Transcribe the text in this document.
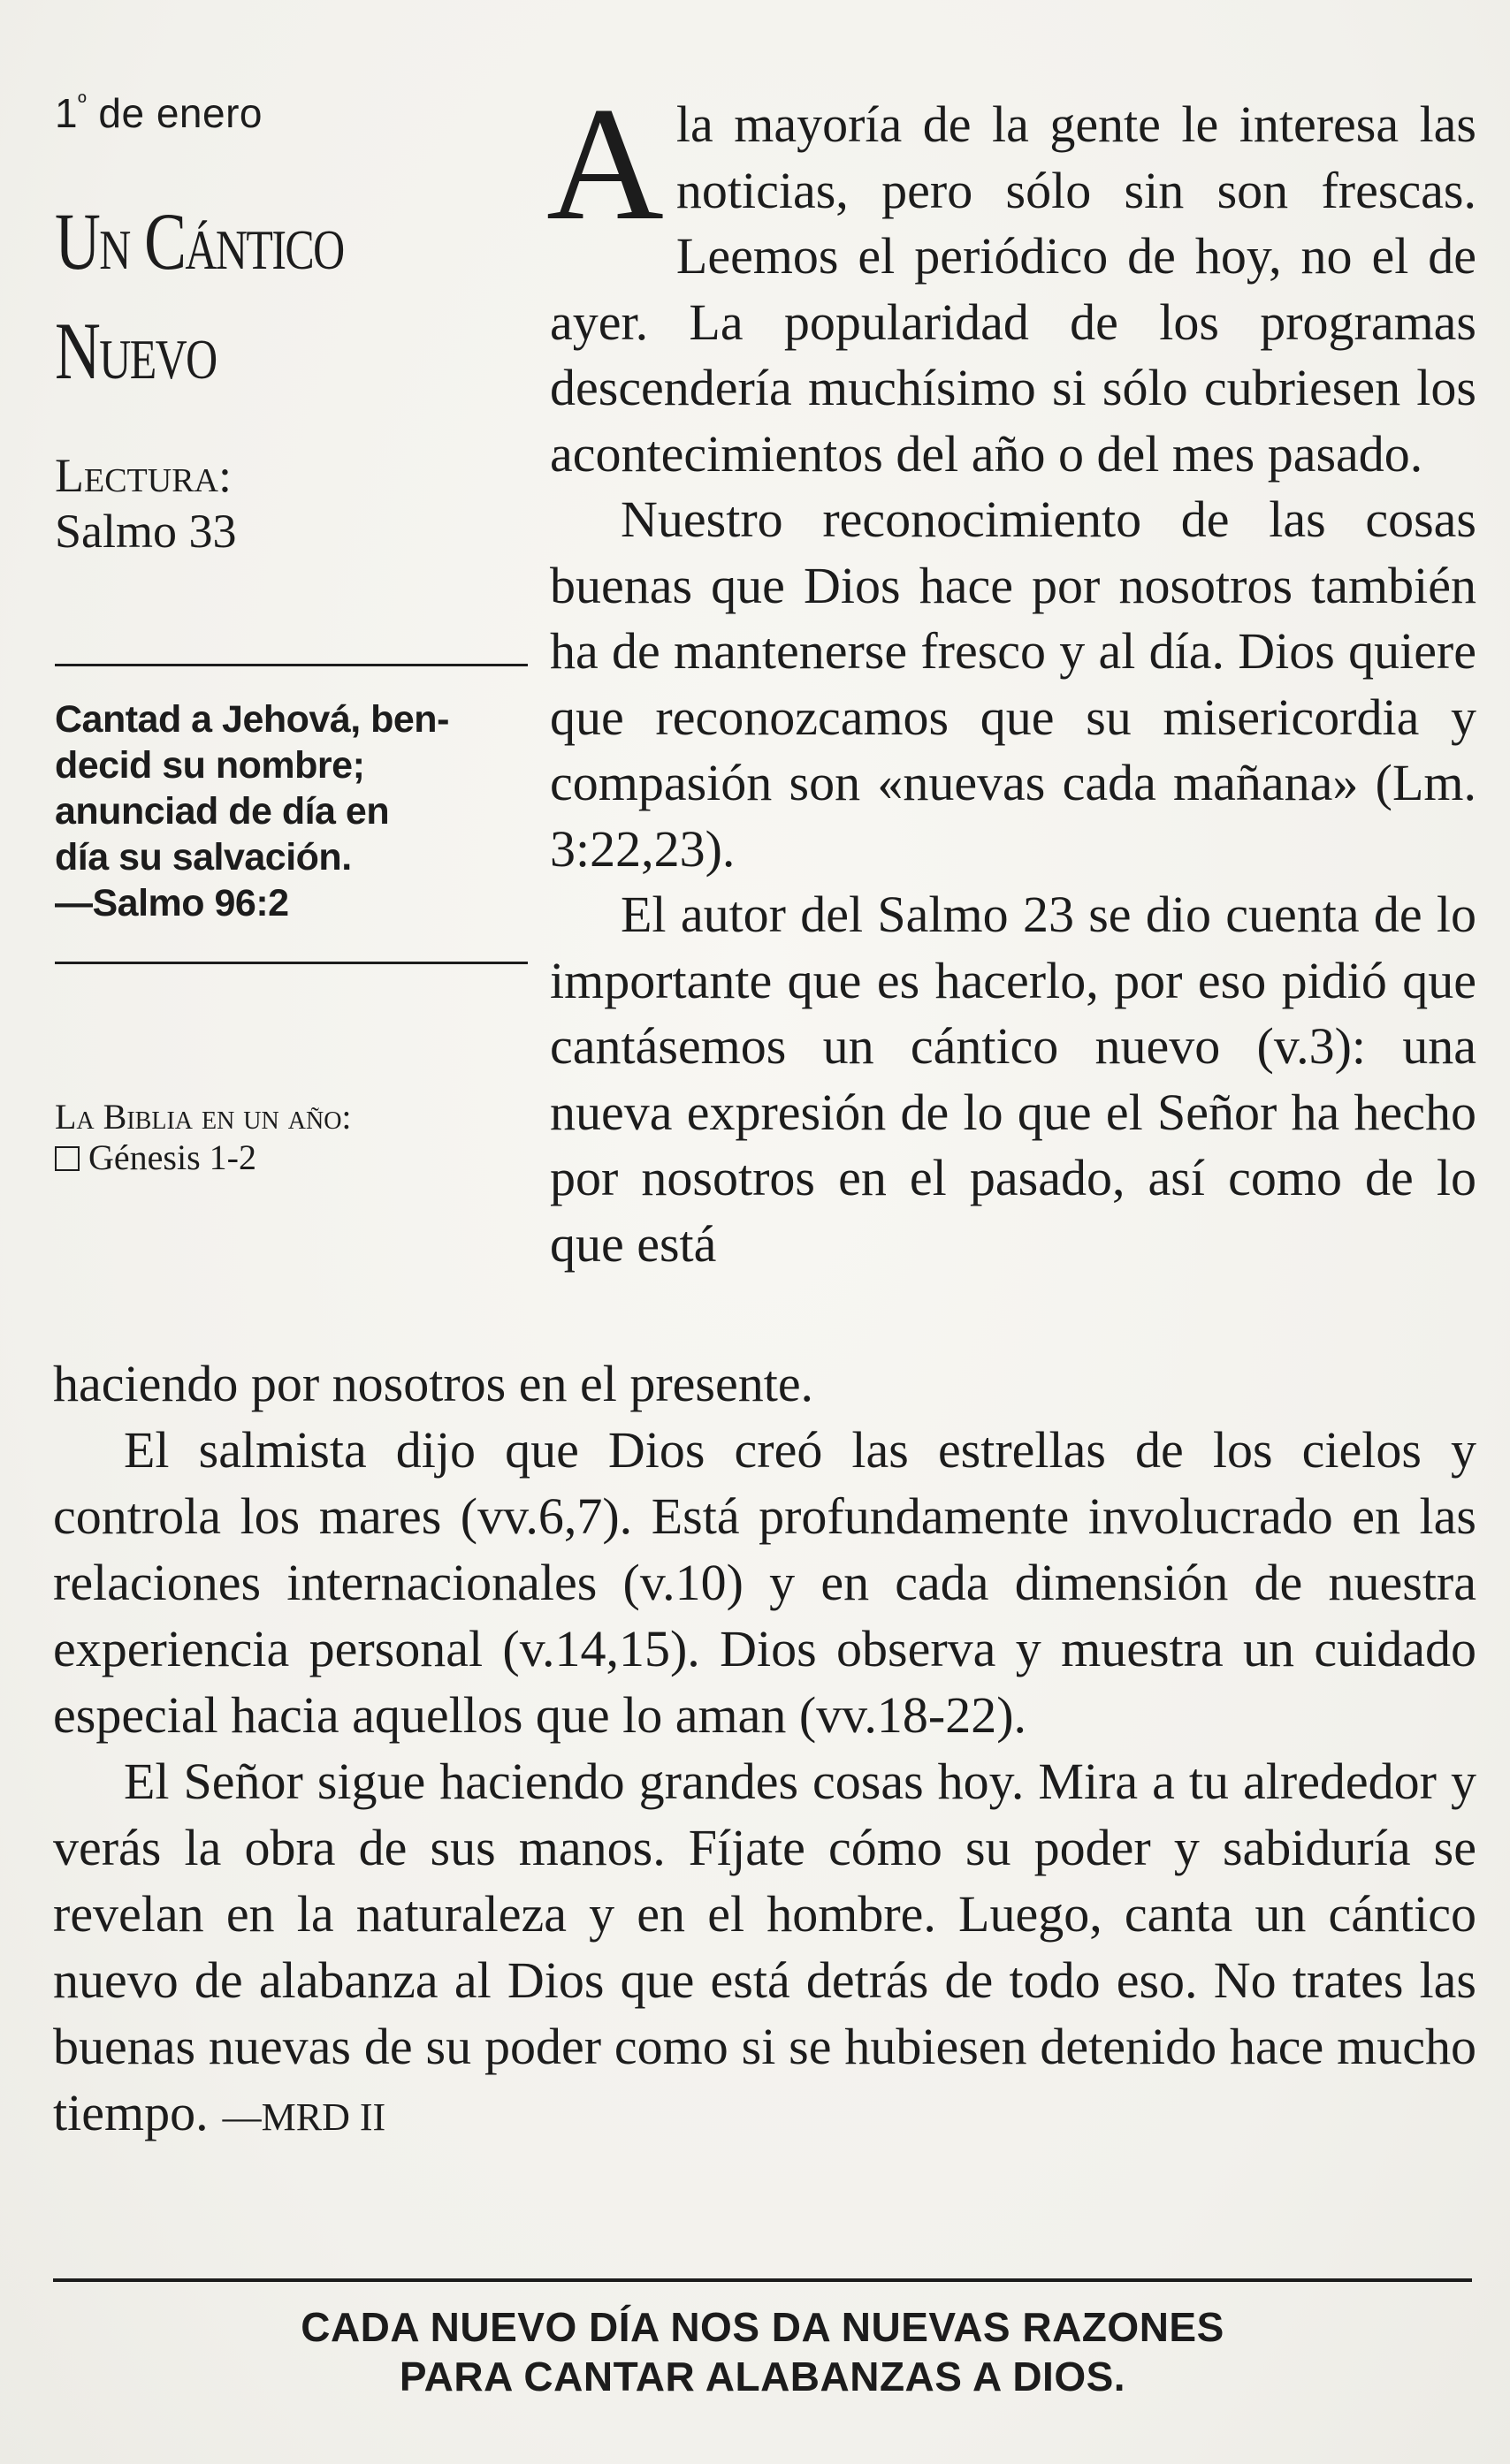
$1^º$ de enero
Un Cántico
Nuevo
Lectura:
Salmo 33
Cantad a Jehová, ben-
decid su nombre;
anunciad de día en
día su salvación.
—Salmo 96:2
La Biblia en un año:
Génesis 1-2

Ala mayoría de la gente le interesa las noticias, pero sólo sin son frescas. Leemos el periódico de hoy, no el de ayer. La popularidad de los programas descendería muchísimo si sólo cubriesen los acontecimientos del año o del mes pasado.

Nuestro reconocimiento de las cosas buenas que Dios hace por nosotros también ha de mantenerse fresco y al día. Dios quiere que reconozcamos que su misericordia y compasión son «nuevas cada mañana» (Lm. 3:22,23).

El autor del Salmo 23 se dio cuenta de lo importante que es hacerlo, por eso pidió que cantásemos un cántico nuevo (v.3): una nueva expresión de lo que el Señor ha hecho por nosotros en el pasado, así como de lo que está

haciendo por nosotros en el presente.

El salmista dijo que Dios creó las estrellas de los cielos y controla los mares (vv.6,7). Está profundamente involucrado en las relaciones internacionales (v.10) y en cada dimensión de nuestra experiencia personal (v.14,15). Dios observa y muestra un cuidado especial hacia aquellos que lo aman (vv.18-22).

El Señor sigue haciendo grandes cosas hoy. Mira a tu alrededor y verás la obra de sus manos. Fíjate cómo su poder y sabiduría se revelan en la naturaleza y en el hombre. Luego, canta un cántico nuevo de alabanza al Dios que está detrás de todo eso. No trates las buenas nuevas de su poder como si se hubiesen detenido hace mucho tiempo. —MRD II

CADA NUEVO DÍA NOS DA NUEVAS RAZONES
PARA CANTAR ALABANZAS A DIOS.
